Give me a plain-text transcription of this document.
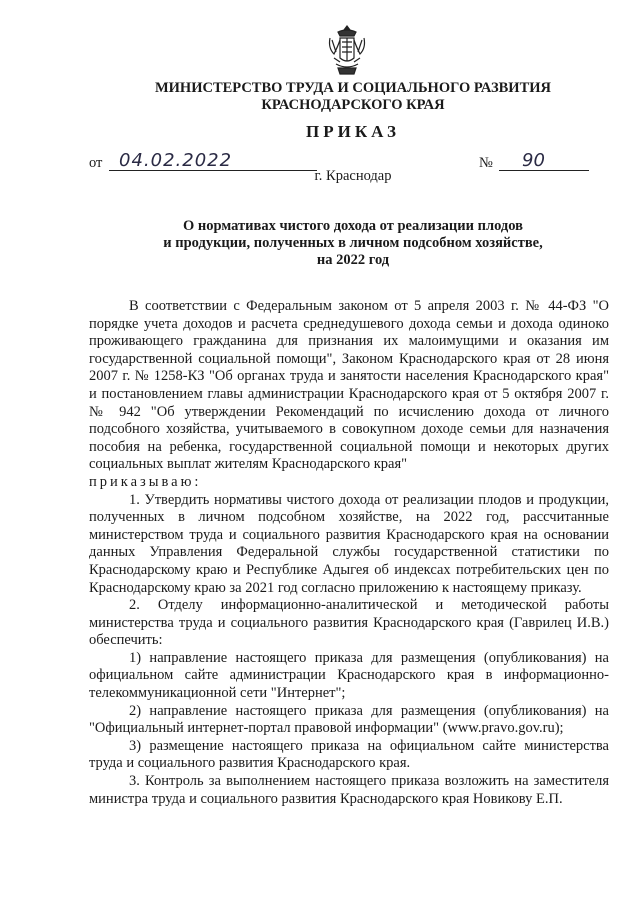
МИНИСТЕРСТВО ТРУДА И СОЦИАЛЬНОГО РАЗВИТИЯ
КРАСНОДАРСКОГО КРАЯ
ПРИКАЗ
от 04.02.2022	№ 90
г. Краснодар
О нормативах чистого дохода от реализации плодов
и продукции, полученных в личном подсобном хозяйстве,
на 2022 год

В соответствии с Федеральным законом от 5 апреля 2003 г. № 44-ФЗ "О порядке учета доходов и расчета среднедушевого дохода семьи и дохода одиноко проживающего гражданина для признания их малоимущими и оказания им государственной социальной помощи", Законом Краснодарского края от 28 июня 2007 г. № 1258-КЗ "Об органах труда и занятости населения Краснодарского края" и постановлением главы администрации Краснодарского края от 5 октября 2007 г. № 942 "Об утверждении Рекомендаций по исчислению дохода от личного подсобного хозяйства, учитываемого в совокупном доходе семьи для назначения пособия на ребенка, государственной социальной помощи и некоторых других социальных выплат жителям Краснодарского края"

приказываю:

1. Утвердить нормативы чистого дохода от реализации плодов и продукции, полученных в личном подсобном хозяйстве, на 2022 год, рассчитанные министерством труда и социального развития Краснодарского края на основании данных Управления Федеральной службы государственной статистики по Краснодарскому краю и Республике Адыгея об индексах потребительских цен по Краснодарскому краю за 2021 год согласно приложению к настоящему приказу.

2. Отделу информационно-аналитической и методической работы министерства труда и социального развития Краснодарского края (Гаврилец И.В.) обеспечить:

1) направление настоящего приказа для размещения (опубликования) на официальном сайте администрации Краснодарского края в информационно-телекоммуникационной сети "Интернет";

2) направление настоящего приказа для размещения (опубликования) на "Официальный интернет-портал правовой информации" (www.pravo.gov.ru);

3) размещение настоящего приказа на официальном сайте министерства труда и социального развития Краснодарского края.

3. Контроль за выполнением настоящего приказа возложить на заместителя министра труда и социального развития Краснодарского края Новикову Е.П.
